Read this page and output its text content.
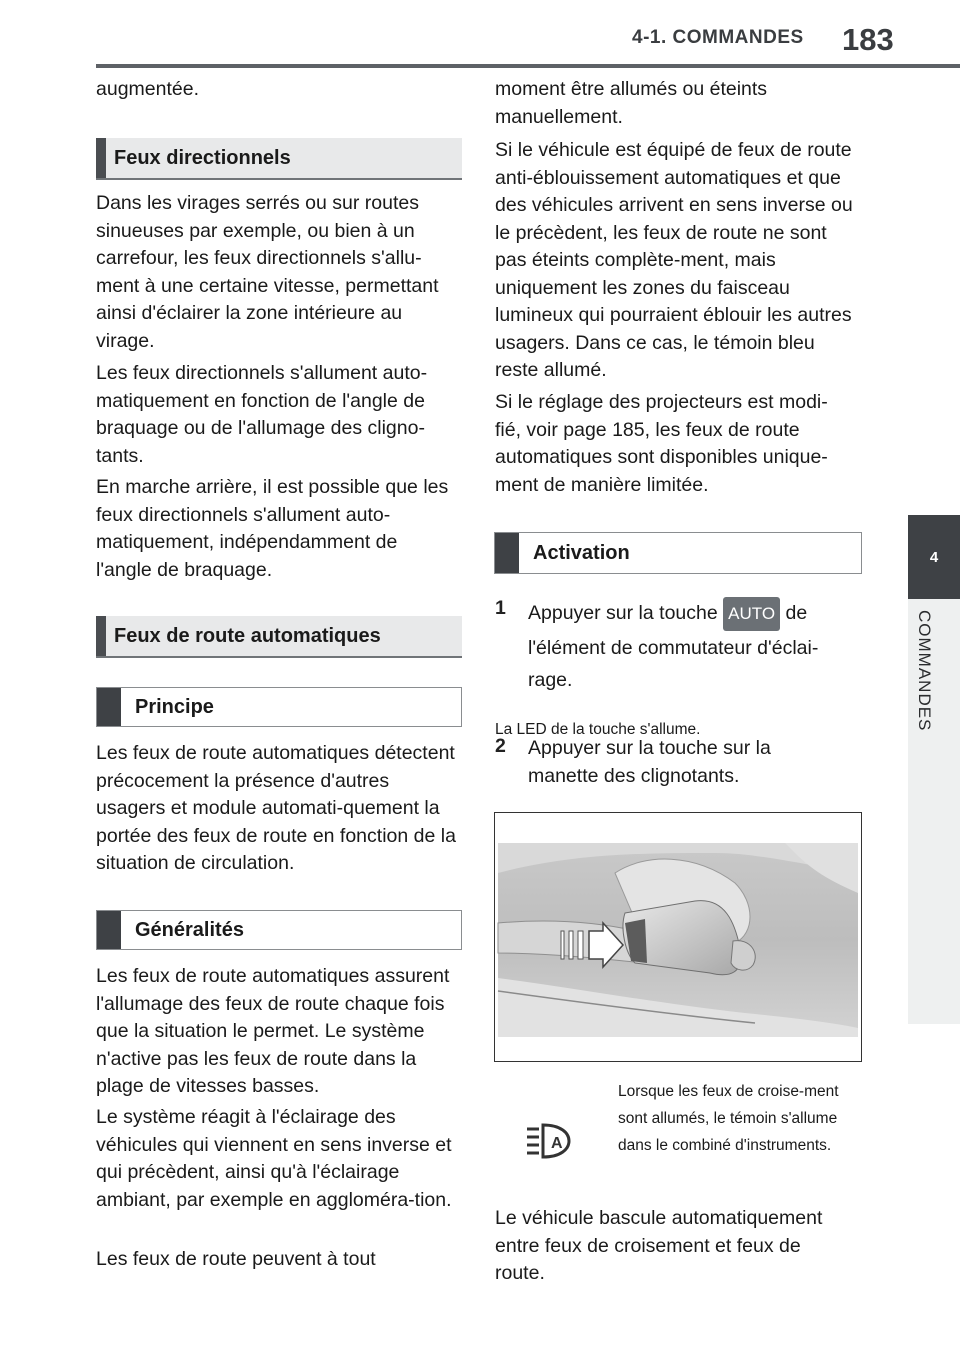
4-1. COMMANDES 183
4
COMMANDES

augmentée.

Feux directionnels

Dans les virages serrés ou sur routes sinueuses par exemple, ou bien à un carrefour, les feux directionnels s'allu-ment à une certaine vitesse, permettant ainsi d'éclairer la zone intérieure au virage.

Les feux directionnels s'allument auto-matiquement en fonction de l'angle de braquage ou de l'allumage des cligno-tants.

En marche arrière, il est possible que les feux directionnels s'allument auto-matiquement, indépendamment de l'angle de braquage.

Feux de route automatiques
Principe

Les feux de route automatiques détectent précocement la présence d'autres usagers et module automati-quement la portée des feux de route en fonction de la situation de circulation.

Généralités

Les feux de route automatiques assurent l'allumage des feux de route chaque fois que la situation le permet. Le système n'active pas les feux de route dans la plage de vitesses basses.

Le système réagit à l'éclairage des véhicules qui viennent en sens inverse et qui précèdent, ainsi qu'à l'éclairage ambiant, par exemple en aggloméra-tion.

Les feux de route peuvent à tout

moment être allumés ou éteints manuellement.

Si le véhicule est équipé de feux de route anti-éblouissement automatiques et que des véhicules arrivent en sens inverse ou le précèdent, les feux de route ne sont pas éteints complète-ment, mais uniquement les zones du faisceau lumineux qui pourraient éblouir les autres usagers. Dans ce cas, le témoin bleu reste allumé.

Si le réglage des projecteurs est modi-fié, voir page 185, les feux de route automatiques sont disponibles unique-ment de manière limitée.

Activation
1 Appuyer sur la touche AUTO de

l'élément de commutateur d'éclai-

rage.

La LED de la touche s'allume.

2 Appuyer sur la touche sur la manette des clignotants.

A

Lorsque les feux de croise-ment sont allumés, le témoin s'allume dans le combiné d'instruments.

Le véhicule bascule automatiquement entre feux de croisement et feux de route.
